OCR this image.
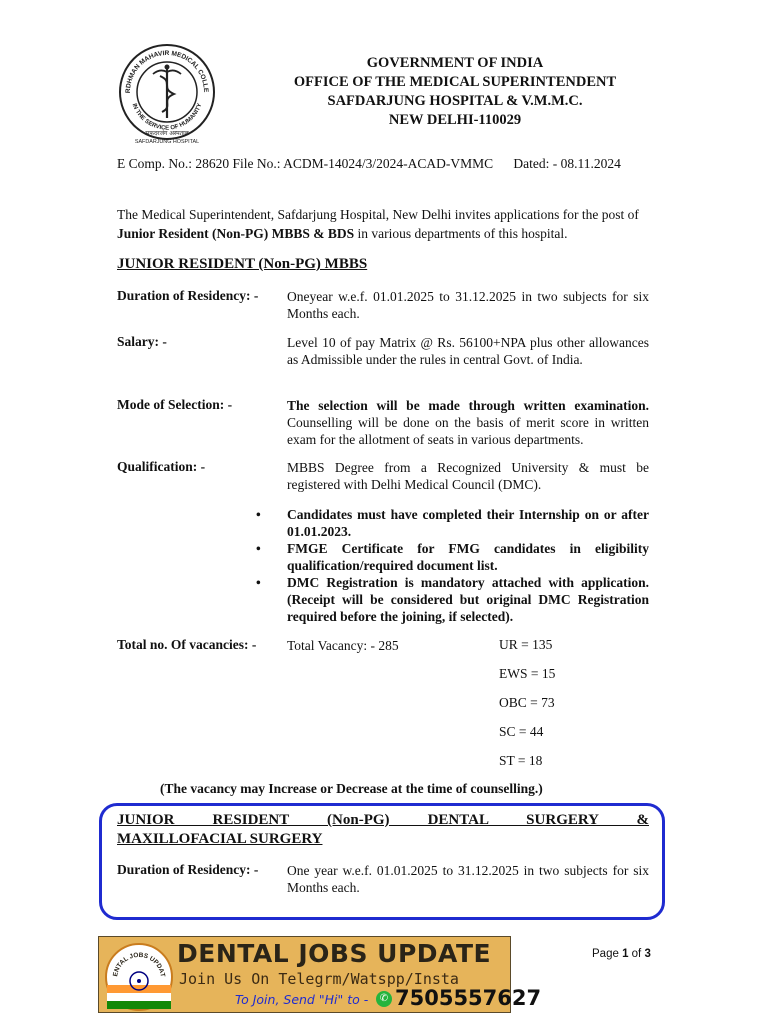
RDHMAN MAHAVIR MEDICAL COLLE
IN THE SERVICE OF HUMANITY
सफदरजंग अस्पताल
SAFDARJUNG HOSPITAL
GOVERNMENT OF INDIA
OFFICE OF THE MEDICAL SUPERINTENDENT
SAFDARJUNG HOSPITAL & V.M.M.C.
NEW DELHI-110029
E Comp. No.: 28620 File No.: ACDM-14024/3/2024-ACAD-VMMC      Dated: - 08.11.2024
The Medical Superintendent, Safdarjung Hospital, New Delhi invites applications for the post of Junior Resident (Non-PG) MBBS & BDS in various departments of this hospital.
JUNIOR RESIDENT (Non-PG) MBBS
Duration of Residency: - Oneyear w.e.f. 01.01.2025 to 31.12.2025 in two subjects for six Months each.
Salary: -	Level 10 of pay Matrix @ Rs. 56100+NPA plus other allowances as Admissible under the rules in central Govt. of India.
Mode of Selection: -	The selection will be made through written examination. Counselling will be done on the basis of merit score in written exam for the allotment of seats in various departments.
Qualification: -	MBBS Degree from a Recognized University & must be registered with Delhi Medical Council (DMC).
• Candidates must have completed their Internship on or after 01.01.2023.
• FMGE Certificate for FMG candidates in eligibility qualification/required document list.
• DMC Registration is mandatory attached with application. (Receipt will be considered but original DMC Registration required before the joining, if selected).
Total no. Of vacancies: - Total Vacancy: - 285	UR = 135
EWS = 15
OBC = 73
SC = 44
ST = 18
(The vacancy may Increase or Decrease at the time of counselling.)
JUNIOR RESIDENT (Non-PG) DENTAL SURGERY &
MAXILLOFACIAL SURGERY
Duration of Residency: - One year w.e.f. 01.01.2025 to 31.12.2025 in two subjects for six Months each.
ENTAL JOBS UPDAT
DENTAL JOBS UPDATE
Join Us On Telegrm/Watspp/Insta
To Join, Send "Hi" to -	✆ 7505557627
Page 1 of 3
